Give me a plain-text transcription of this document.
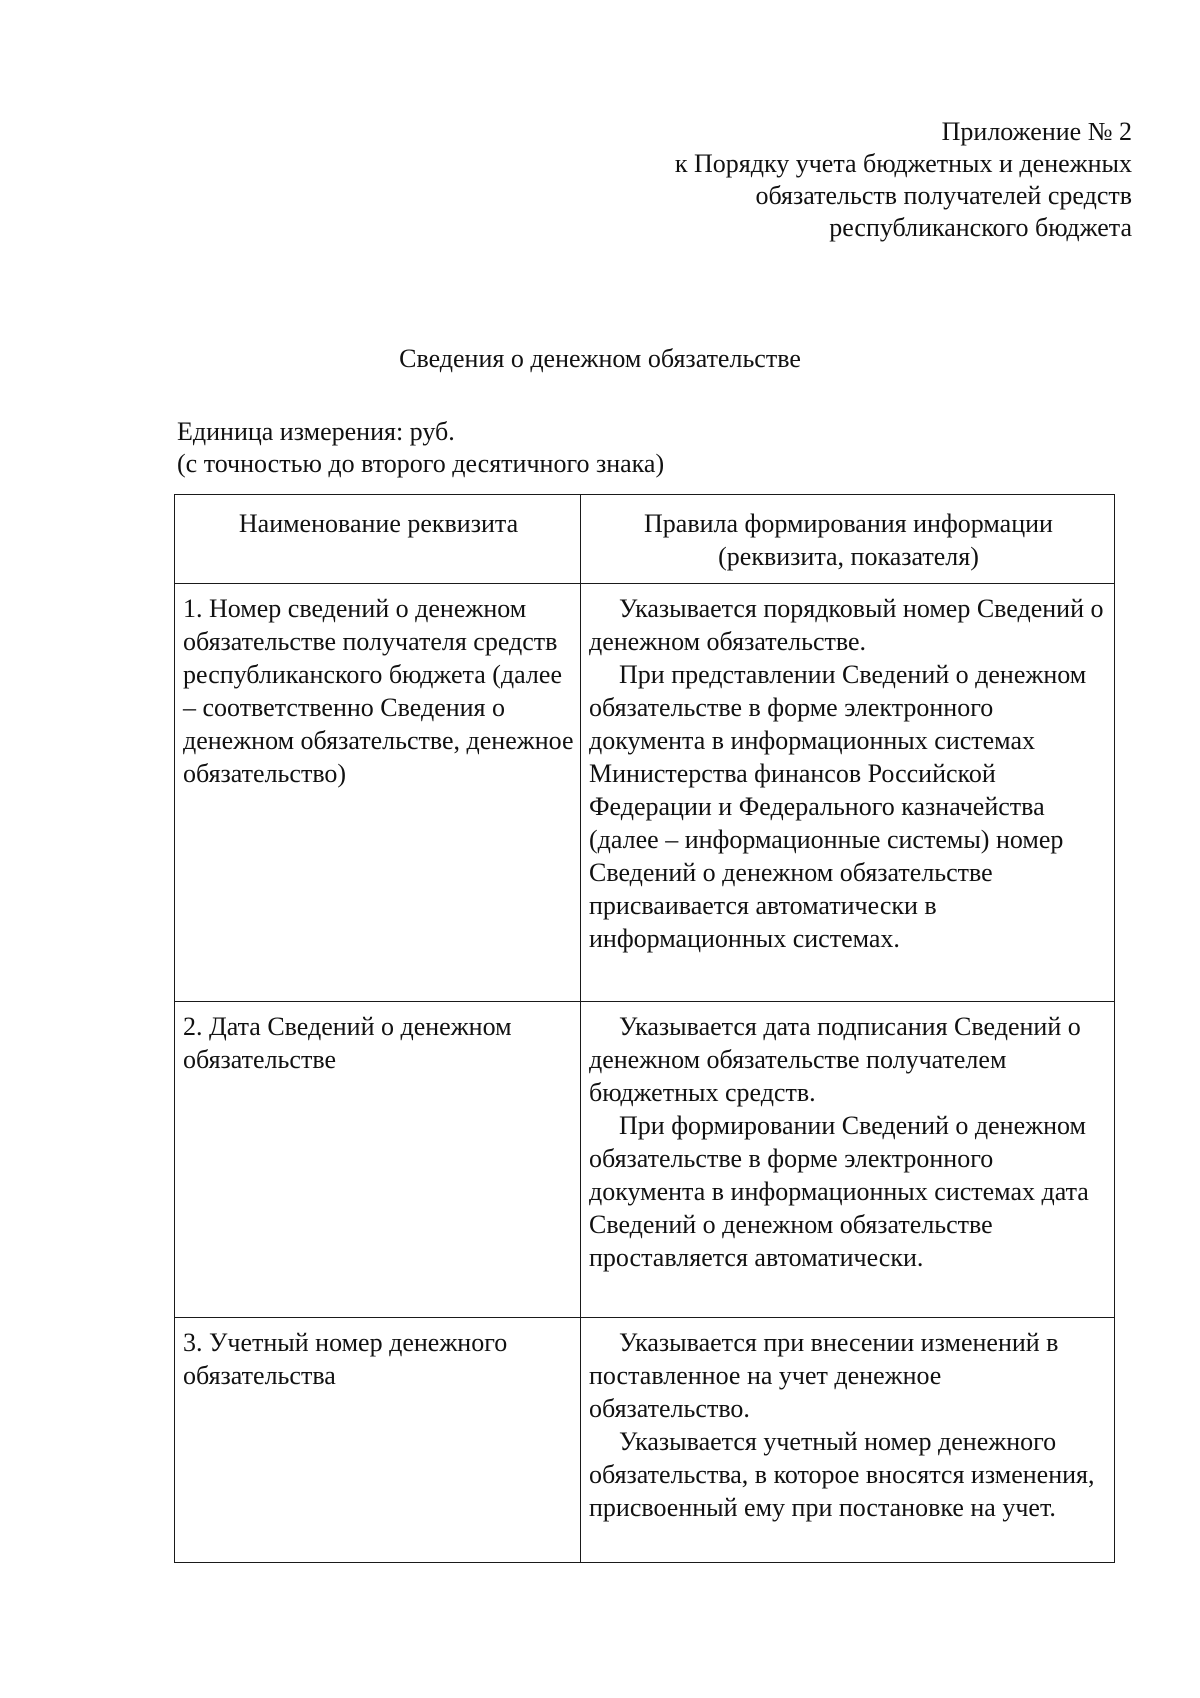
Приложение № 2
к Порядку учета бюджетных и денежных
обязательств получателей средств
республиканского бюджета
Сведения о денежном обязательстве
Единица измерения: руб.
(с точностью до второго десятичного знака)
Наименование реквизита	Правила формирования информации (реквизита, показателя)
1. Номер сведений о денежном обязательстве получателя средств республиканского бюджета (далее – соответственно Сведения о денежном обязательстве, денежное обязательство)	Указывается порядковый номер Сведений о денежном обязательстве.
При представлении Сведений о денежном обязательстве в форме электронного документа в информационных системах Министерства финансов Российской Федерации и Федерального казначейства (далее – информационные системы) номер Сведений о денежном обязательстве присваивается автоматически в информационных системах.

2. Дата Сведений о денежном обязательстве	Указывается дата подписания Сведений о денежном обязательстве получателем бюджетных средств.
При формировании Сведений о денежном обязательстве в форме электронного документа в информационных системах дата Сведений о денежном обязательстве проставляется автоматически.

3. Учетный номер денежного обязательства	Указывается при внесении изменений в поставленное на учет денежное обязательство.
Указывается учетный номер денежного обязательства, в которое вносятся изменения, присвоенный ему при постановке на учет.
